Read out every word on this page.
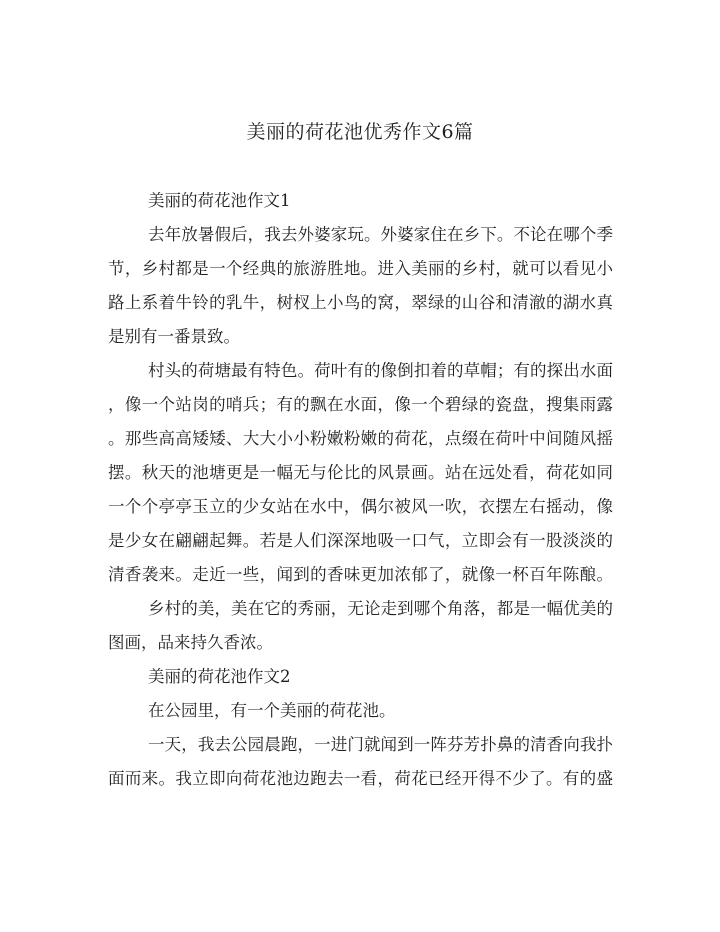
美丽的荷花池优秀作文6篇
美丽的荷花池作文1
去年放暑假后，我去外婆家玩。外婆家住在乡下。不论在哪个季
节，乡村都是一个经典的旅游胜地。进入美丽的乡村，就可以看见小
路上系着牛铃的乳牛，树杈上小鸟的窝，翠绿的山谷和清澈的湖水真
是别有一番景致。
村头的荷塘最有特色。荷叶有的像倒扣着的草帽；有的探出水面
，像一个站岗的哨兵；有的飘在水面，像一个碧绿的瓷盘，搜集雨露
。那些高高矮矮、大大小小粉嫩粉嫩的荷花，点缀在荷叶中间随风摇
摆。秋天的池塘更是一幅无与伦比的风景画。站在远处看，荷花如同
一个个亭亭玉立的少女站在水中，偶尔被风一吹，衣摆左右摇动，像
是少女在翩翩起舞。若是人们深深地吸一口气，立即会有一股淡淡的
清香袭来。走近一些，闻到的香味更加浓郁了，就像一杯百年陈酿。
乡村的美，美在它的秀丽，无论走到哪个角落，都是一幅优美的
图画，品来持久香浓。
美丽的荷花池作文2
在公园里，有一个美丽的荷花池。
一天，我去公园晨跑，一进门就闻到一阵芬芳扑鼻的清香向我扑
面而来。我立即向荷花池边跑去一看，荷花已经开得不少了。有的盛
